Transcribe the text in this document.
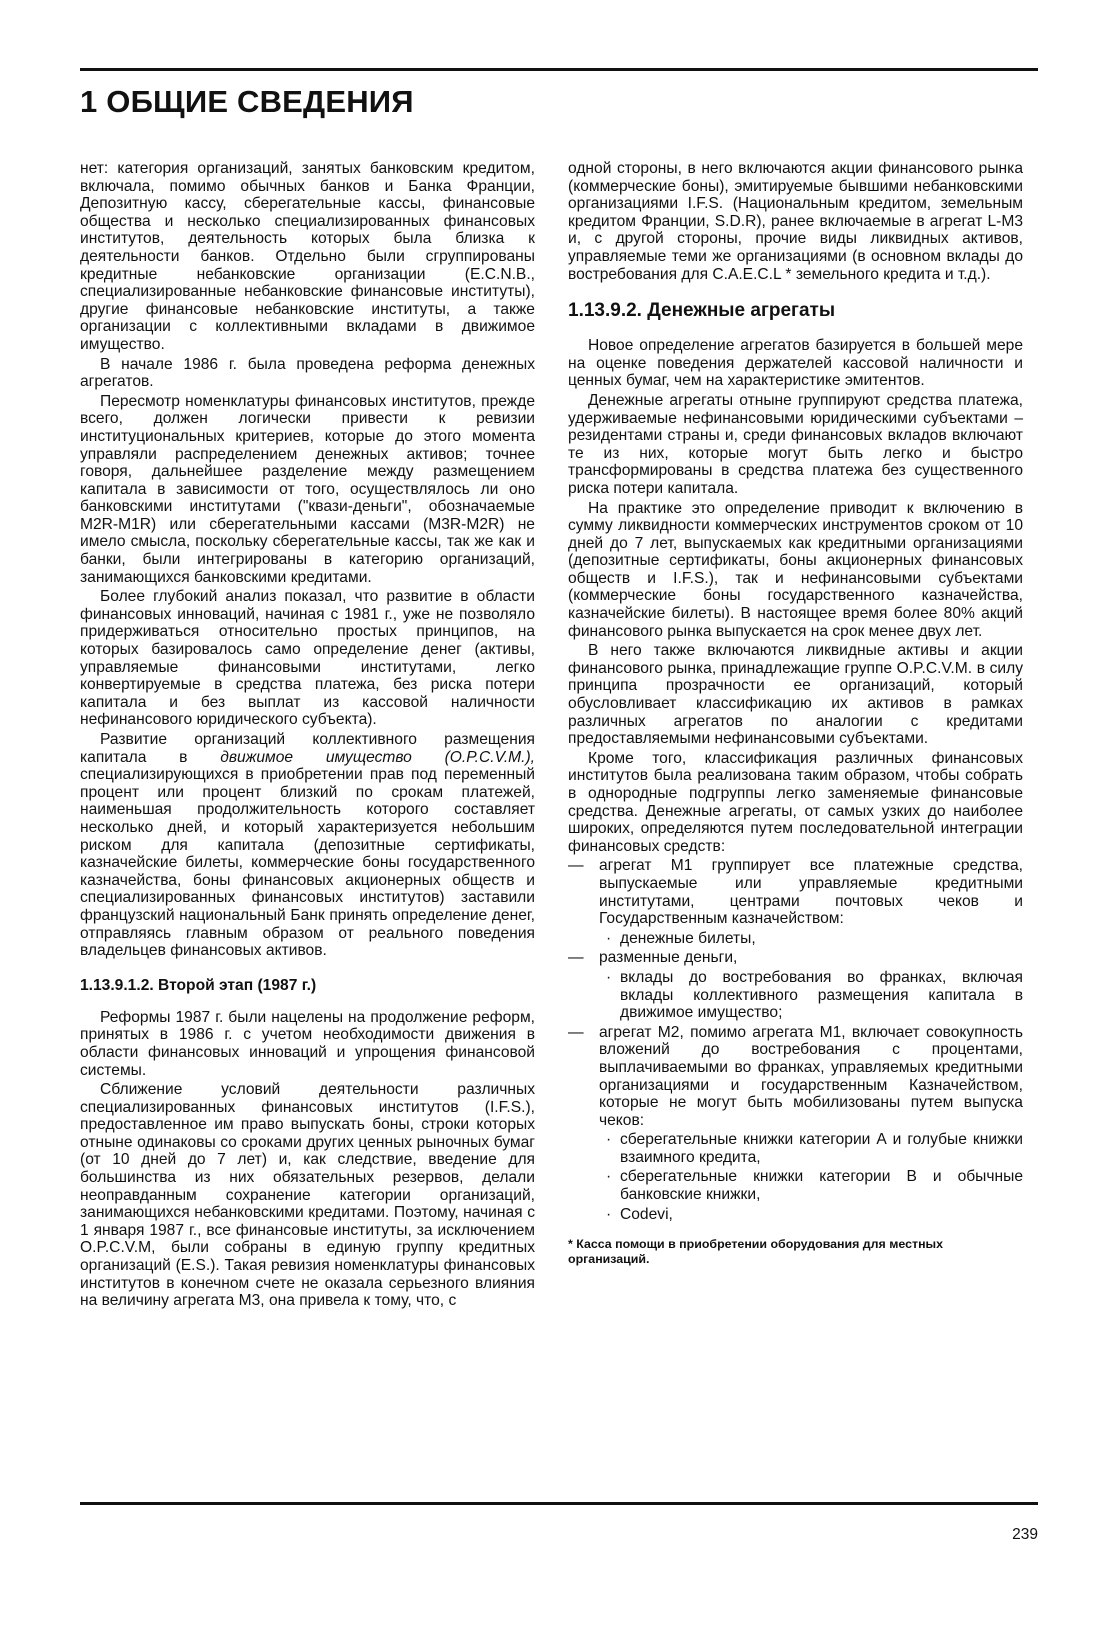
1 ОБЩИЕ СВЕДЕНИЯ

нет: категория организаций, занятых банковским кредитом, включала, помимо обычных банков и Банка Франции, Депозитную кассу, сберегательные кассы, финансовые общества и несколько специализированных финансовых институтов, деятельность которых была близка к деятельности банков. Отдельно были сгруппированы кредитные небанковские организации (E.C.N.B., специализированные небанковские финансовые институты), другие финансовые небанковские институты, а также организации с коллективными вкладами в движимое имущество.

В начале 1986 г. была проведена реформа денежных агрегатов.

Пересмотр номенклатуры финансовых институтов, прежде всего, должен логически привести к ревизии институциональных критериев, которые до этого момента управляли распределением денежных активов; точнее говоря, дальнейшее разделение между размещением капитала в зависимости от того, осуществлялось ли оно банковскими институтами ("квази-деньги", обозначаемые M2R-M1R) или сберегательными кассами (M3R-M2R) не имело смысла, поскольку сберегательные кассы, так же как и банки, были интегрированы в категорию организаций, занимающихся банковскими кредитами.

Более глубокий анализ показал, что развитие в области финансовых инноваций, начиная с 1981 г., уже не позволяло придерживаться относительно простых принципов, на которых базировалось само определение денег (активы, управляемые финансовыми институтами, легко конвертируемые в средства платежа, без риска потери капитала и без выплат из кассовой наличности нефинансового юридического субъекта).

Развитие организаций коллективного размещения капитала в движимое имущество (O.P.C.V.M.), специализирующихся в приобретении прав под переменный процент или процент близкий по срокам платежей, наименьшая продолжительность которого составляет несколько дней, и который характеризуется небольшим риском для капитала (депозитные сертификаты, казначейские билеты, коммерческие боны государственного казначейства, боны финансовых акционерных обществ и специализированных финансовых институтов) заставили французский национальный Банк принять определение денег, отправляясь главным образом от реального поведения владельцев финансовых активов.

1.13.9.1.2. Второй этап (1987 г.)

Реформы 1987 г. были нацелены на продолжение реформ, принятых в 1986 г. с учетом необходимости движения в области финансовых инноваций и упрощения финансовой системы.

Сближение условий деятельности различных специализированных финансовых институтов (I.F.S.), предоставленное им право выпускать боны, строки которых отныне одинаковы со сроками других ценных рыночных бумаг (от 10 дней до 7 лет) и, как следствие, введение для большинства из них обязательных резервов, делали неоправданным сохранение категории организаций, занимающихся небанковскими кредитами. Поэтому, начиная с 1 января 1987 г., все финансовые институты, за исключением O.P.C.V.M, были собраны в единую группу кредитных организаций (E.S.). Такая ревизия номенклатуры финансовых институтов в конечном счете не оказала серьезного влияния на величину агрегата М3, она привела к тому, что, с

одной стороны, в него включаются акции финансового рынка (коммерческие боны), эмитируемые бывшими небанковскими организациями I.F.S. (Национальным кредитом, земельным кредитом Франции, S.D.R), ранее включаемые в агрегат L-M3 и, с другой стороны, прочие виды ликвидных активов, управляемые теми же организациями (в основном вклады до востребования для C.A.E.C.L * земельного кредита и т.д.).

1.13.9.2. Денежные агрегаты

Новое определение агрегатов базируется в большей мере на оценке поведения держателей кассовой наличности и ценных бумаг, чем на характеристике эмитентов.

Денежные агрегаты отныне группируют средства платежа, удерживаемые нефинансовыми юридическими субъектами – резидентами страны и, среди финансовых вкладов включают те из них, которые могут быть легко и быстро трансформированы в средства платежа без существенного риска потери капитала.

На практике это определение приводит к включению в сумму ликвидности коммерческих инструментов сроком от 10 дней до 7 лет, выпускаемых как кредитными организациями (депозитные сертификаты, боны акционерных финансовых обществ и I.F.S.), так и нефинансовыми субъектами (коммерческие боны государственного казначейства, казначейские билеты). В настоящее время более 80% акций финансового рынка выпускается на срок менее двух лет.

В него также включаются ликвидные активы и акции финансового рынка, принадлежащие группе O.P.C.V.M. в силу принципа прозрачности ее организаций, который обусловливает классификацию их активов в рамках различных агрегатов по аналогии с кредитами предоставляемыми нефинансовыми субъектами.

Кроме того, классификация различных финансовых институтов была реализована таким образом, чтобы собрать в однородные подгруппы легко заменяемые финансовые средства. Денежные агрегаты, от самых узких до наиболее широких, определяются путем последовательной интеграции финансовых средств:

— агрегат M1 группирует все платежные средства, выпускаемые или управляемые кредитными институтами, центрами почтовых чеков и Государственным казначейством:
· денежные билеты,
— разменные деньги,
· вклады до востребования во франках, включая вклады коллективного размещения капитала в движимое имущество;
— агрегат M2, помимо агрегата M1, включает совокупность вложений до востребования с процентами, выплачиваемыми во франках, управляемых кредитными организациями и государственным Казначейством, которые не могут быть мобилизованы путем выпуска чеков:
· сберегательные книжки категории А и голубые книжки взаимного кредита,
· сберегательные книжки категории В и обычные банковские книжки,
· Codevi,
* Касса помощи в приобретении оборудования для местных организаций.
239
